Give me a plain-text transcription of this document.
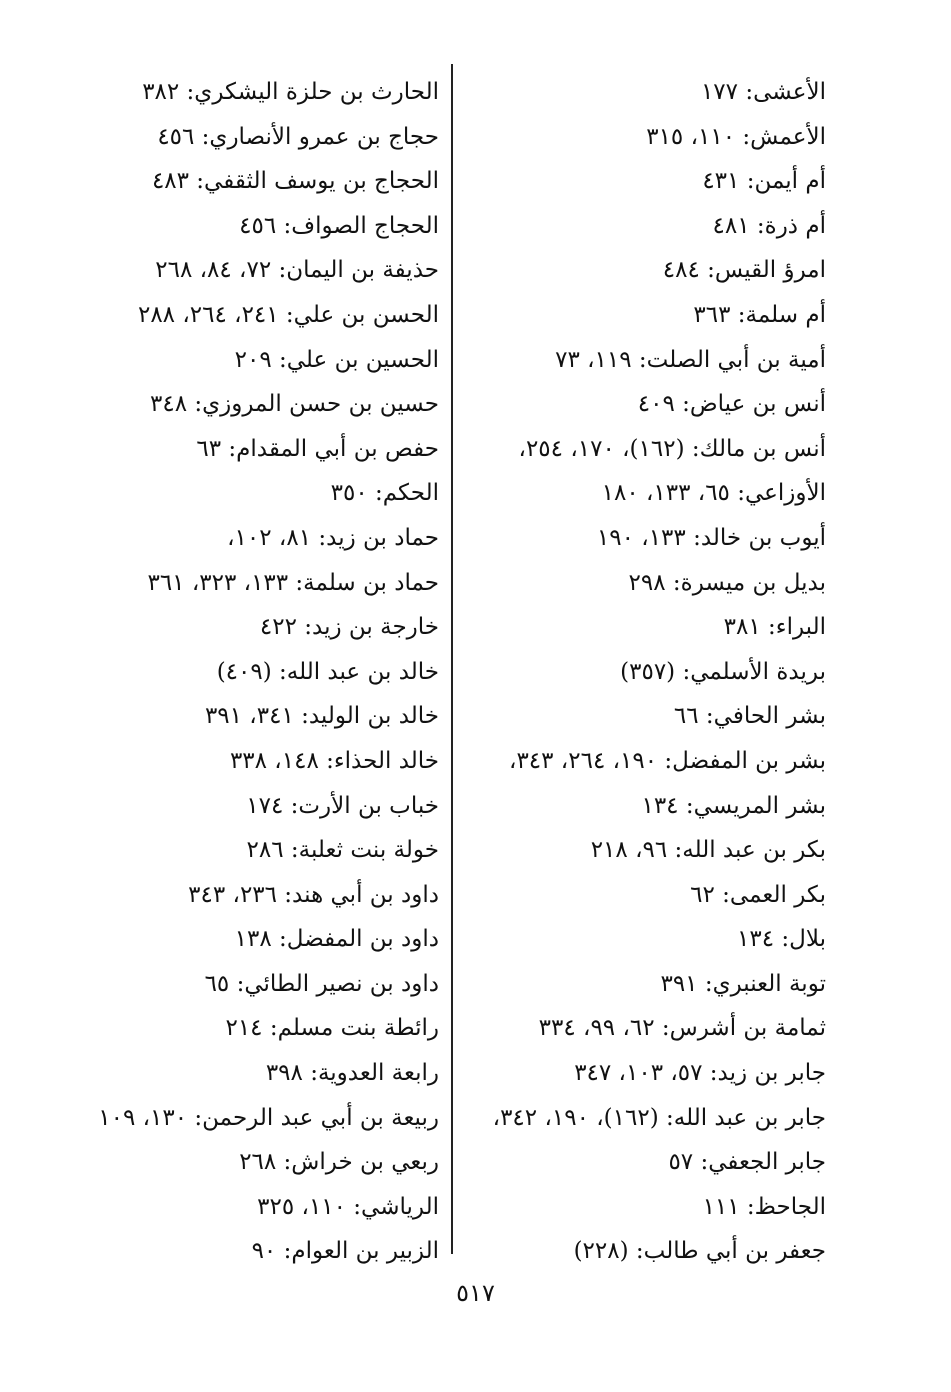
الأعشى: ١٧٧
الأعمش: ١١٠، ٣١٥
أم أيمن: ٤٣١
أم ذرة: ٤٨١
امرؤ القيس: ٤٨٤
أم سلمة: ٣٦٣
أمية بن أبي الصلت: ١١٩، ٧٣
أنس بن عياض: ٤٠٩
أنس بن مالك: (١٦٢)، ١٧٠، ٢٥٤،
الأوزاعي: ٦٥، ١٣٣، ١٨٠
أيوب بن خالد: ١٣٣، ١٩٠
بديل بن ميسرة: ٢٩٨
البراء: ٣٨١
بريدة الأسلمي: (٣٥٧)
بشر الحافي: ٦٦
بشر بن المفضل: ١٩٠، ٢٦٤، ٣٤٣،
بشر المريسي: ١٣٤
بكر بن عبد الله: ٩٦، ٢١٨
بكر العمى: ٦٢
بلال: ١٣٤
توبة العنبري: ٣٩١
ثمامة بن أشرس: ٦٢، ٩٩، ٣٣٤
جابر بن زيد: ٥٧، ١٠٣، ٣٤٧
جابر بن عبد الله: (١٦٢)، ١٩٠، ٣٤٢،
جابر الجعفي: ٥٧
الجاحظ: ١١١
جعفر بن أبي طالب: (٢٢٨)
الحارث بن حلزة اليشكري: ٣٨٢
حجاج بن عمرو الأنصاري: ٤٥٦
الحجاج بن يوسف الثقفي: ٤٨٣
الحجاج الصواف: ٤٥٦
حذيفة بن اليمان: ٧٢، ٨٤، ٢٦٨
الحسن بن علي: ٢٤١، ٢٦٤، ٢٨٨
الحسين بن علي: ٢٠٩
حسين بن حسن المروزي: ٣٤٨
حفص بن أبي المقدام: ٦٣
الحكم: ٣٥٠
حماد بن زيد: ٨١، ١٠٢،
حماد بن سلمة: ١٣٣، ٣٢٣، ٣٦١
خارجة بن زيد: ٤٢٢
خالد بن عبد الله: (٤٠٩)
خالد بن الوليد: ٣٤١، ٣٩١
خالد الحذاء: ١٤٨، ٣٣٨
خباب بن الأرت: ١٧٤
خولة بنت ثعلبة: ٢٨٦
داود بن أبي هند: ٢٣٦، ٣٤٣
داود بن المفضل: ١٣٨
داود بن نصير الطائي: ٦٥
رائطة بنت مسلم: ٢١٤
رابعة العدوية: ٣٩٨
ربيعة بن أبي عبد الرحمن: ١٣٠، ١٠٩
ربعي بن خراش: ٢٦٨
الرياشي: ١١٠، ٣٢٥
الزبير بن العوام: ٩٠
٥١٧
